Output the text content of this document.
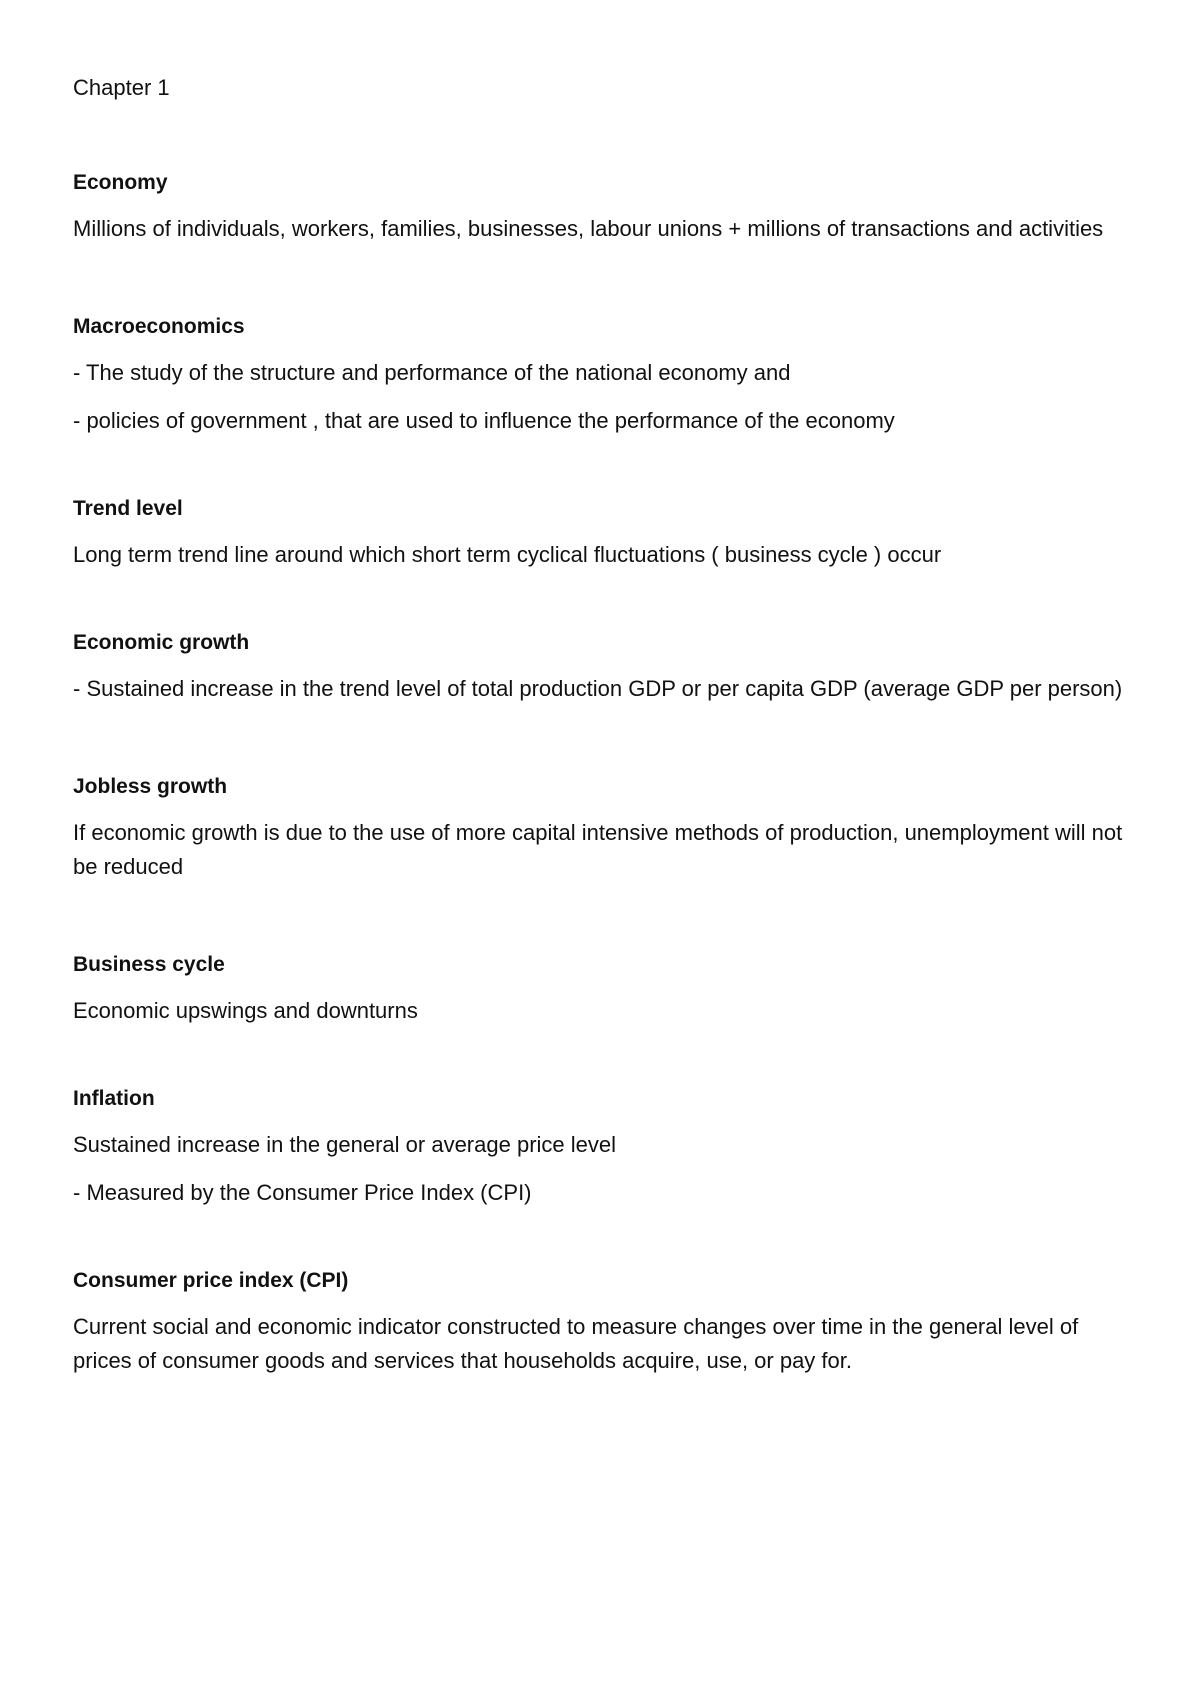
Chapter 1

Economy

Millions of individuals, workers, families, businesses, labour unions + millions of transactions and activities

Macroeconomics

- The study of the structure and performance of the national economy and

- policies of government , that are used to influence the performance of the economy

Trend level

Long term trend line around which short term cyclical fluctuations ( business cycle ) occur

Economic growth

- Sustained increase in the trend level of total production GDP or per capita GDP (average GDP per person)

Jobless growth

If economic growth is due to the use of more capital intensive methods of production, unemployment will not be reduced

Business cycle

Economic upswings and downturns

Inflation

Sustained increase in the general or average price level

- Measured by the Consumer Price Index (CPI)

Consumer price index (CPI)

Current social and economic indicator constructed to measure changes over time in the general level of prices of consumer goods and services that households acquire, use, or pay for.
